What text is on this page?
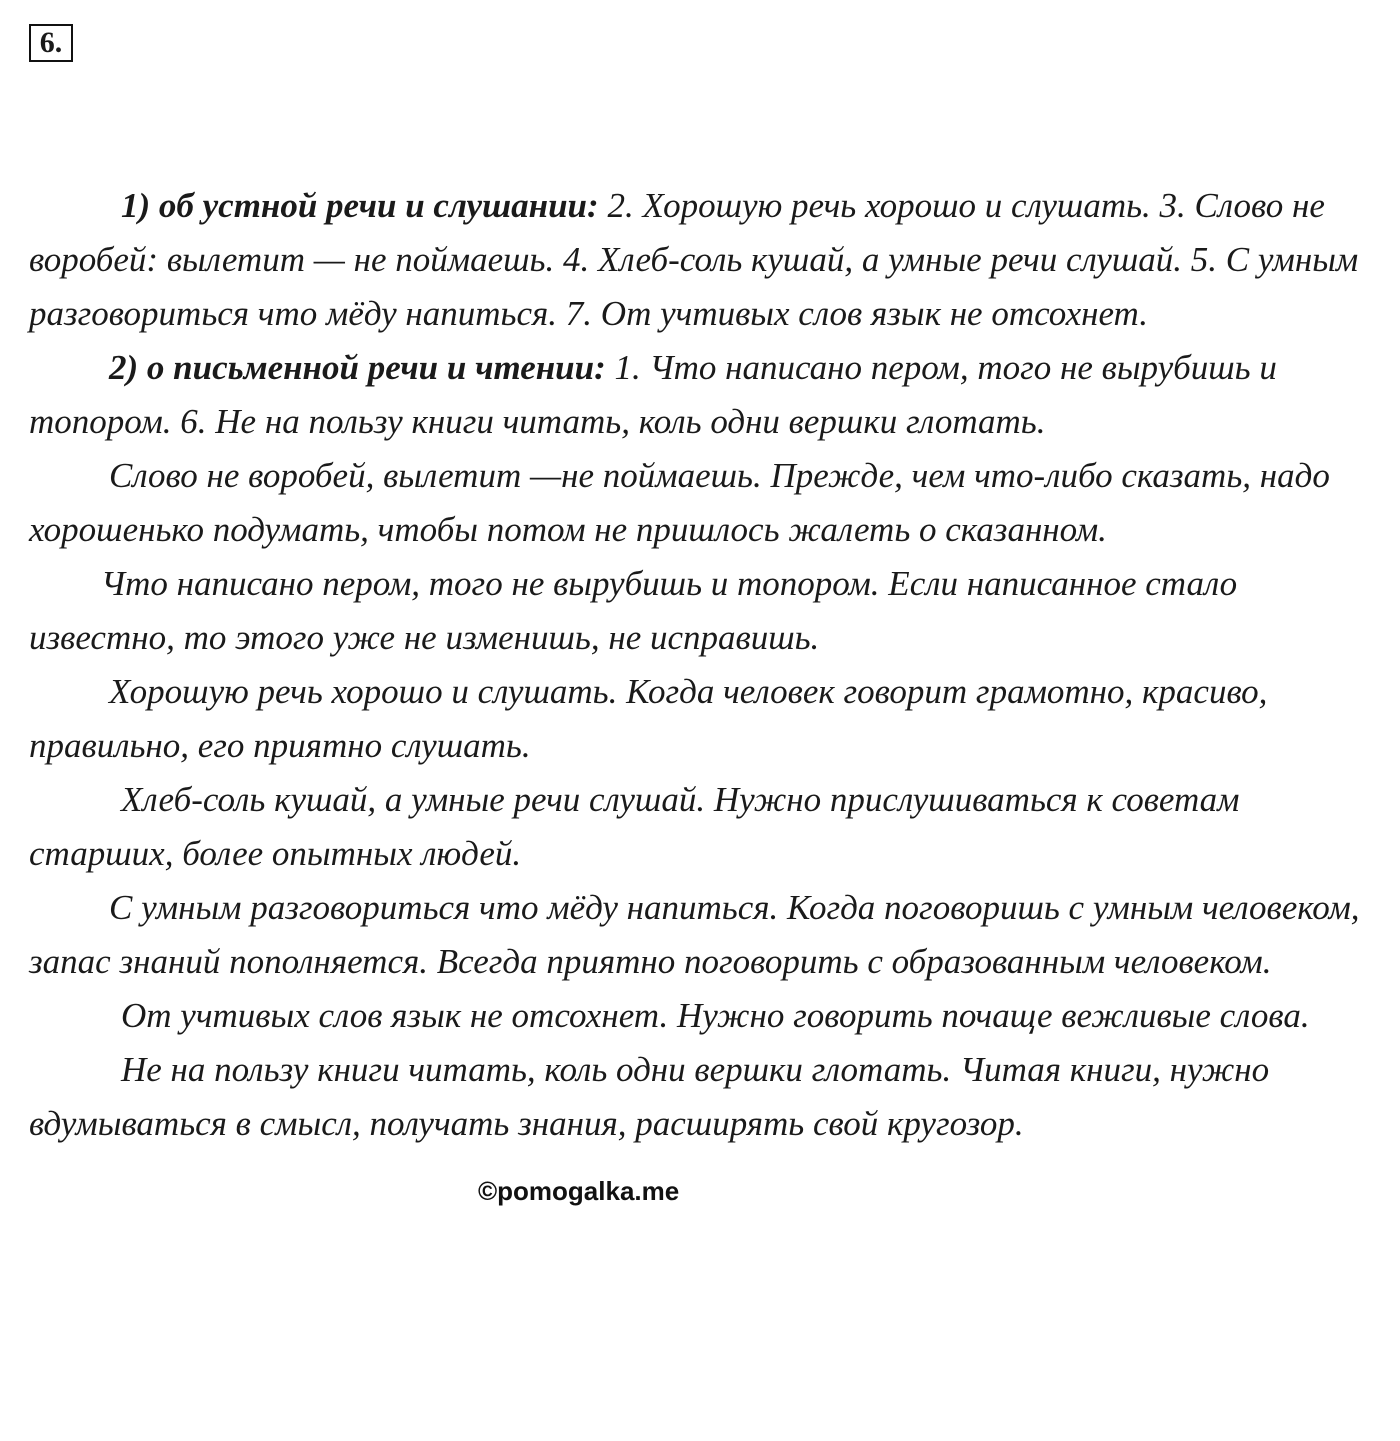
6.

1) об устной речи и слушании: 2. Хорошую речь хорошо и слушать. 3. Слово не воробей: вылетит — не поймаешь. 4. Хлеб-соль кушай, а умные речи слушай. 5. С умным разговориться что мёду напиться. 7. От учтивых слов язык не отсохнет.

2) о письменной речи и чтении: 1. Что написано пером, того не вырубишь и топором. 6. Не на пользу книги читать, коль одни вершки глотать.

Слово не воробей, вылетит —не поймаешь. Прежде, чем что-либо сказать, надо хорошенько подумать, чтобы потом не пришлось жалеть о сказанном.

Что написано пером, того не вырубишь и топором. Если написанное стало известно, то этого уже не изменишь, не исправишь.

Хорошую речь хорошо и слушать. Когда человек говорит грамотно, красиво, правильно, его приятно слушать.

Хлеб-соль кушай, а умные речи слушай. Нужно прислушиваться к советам старших, более опытных людей.

С умным разговориться что мёду напиться. Когда поговоришь с умным человеком, запас знаний пополняется. Всегда приятно поговорить с образованным человеком.

От учтивых слов язык не отсохнет. Нужно говорить почаще вежливые слова.

Не на пользу книги читать, коль одни вершки глотать. Читая книги, нужно вдумываться в смысл, получать знания, расширять свой кругозор.

©pomogalka.me
